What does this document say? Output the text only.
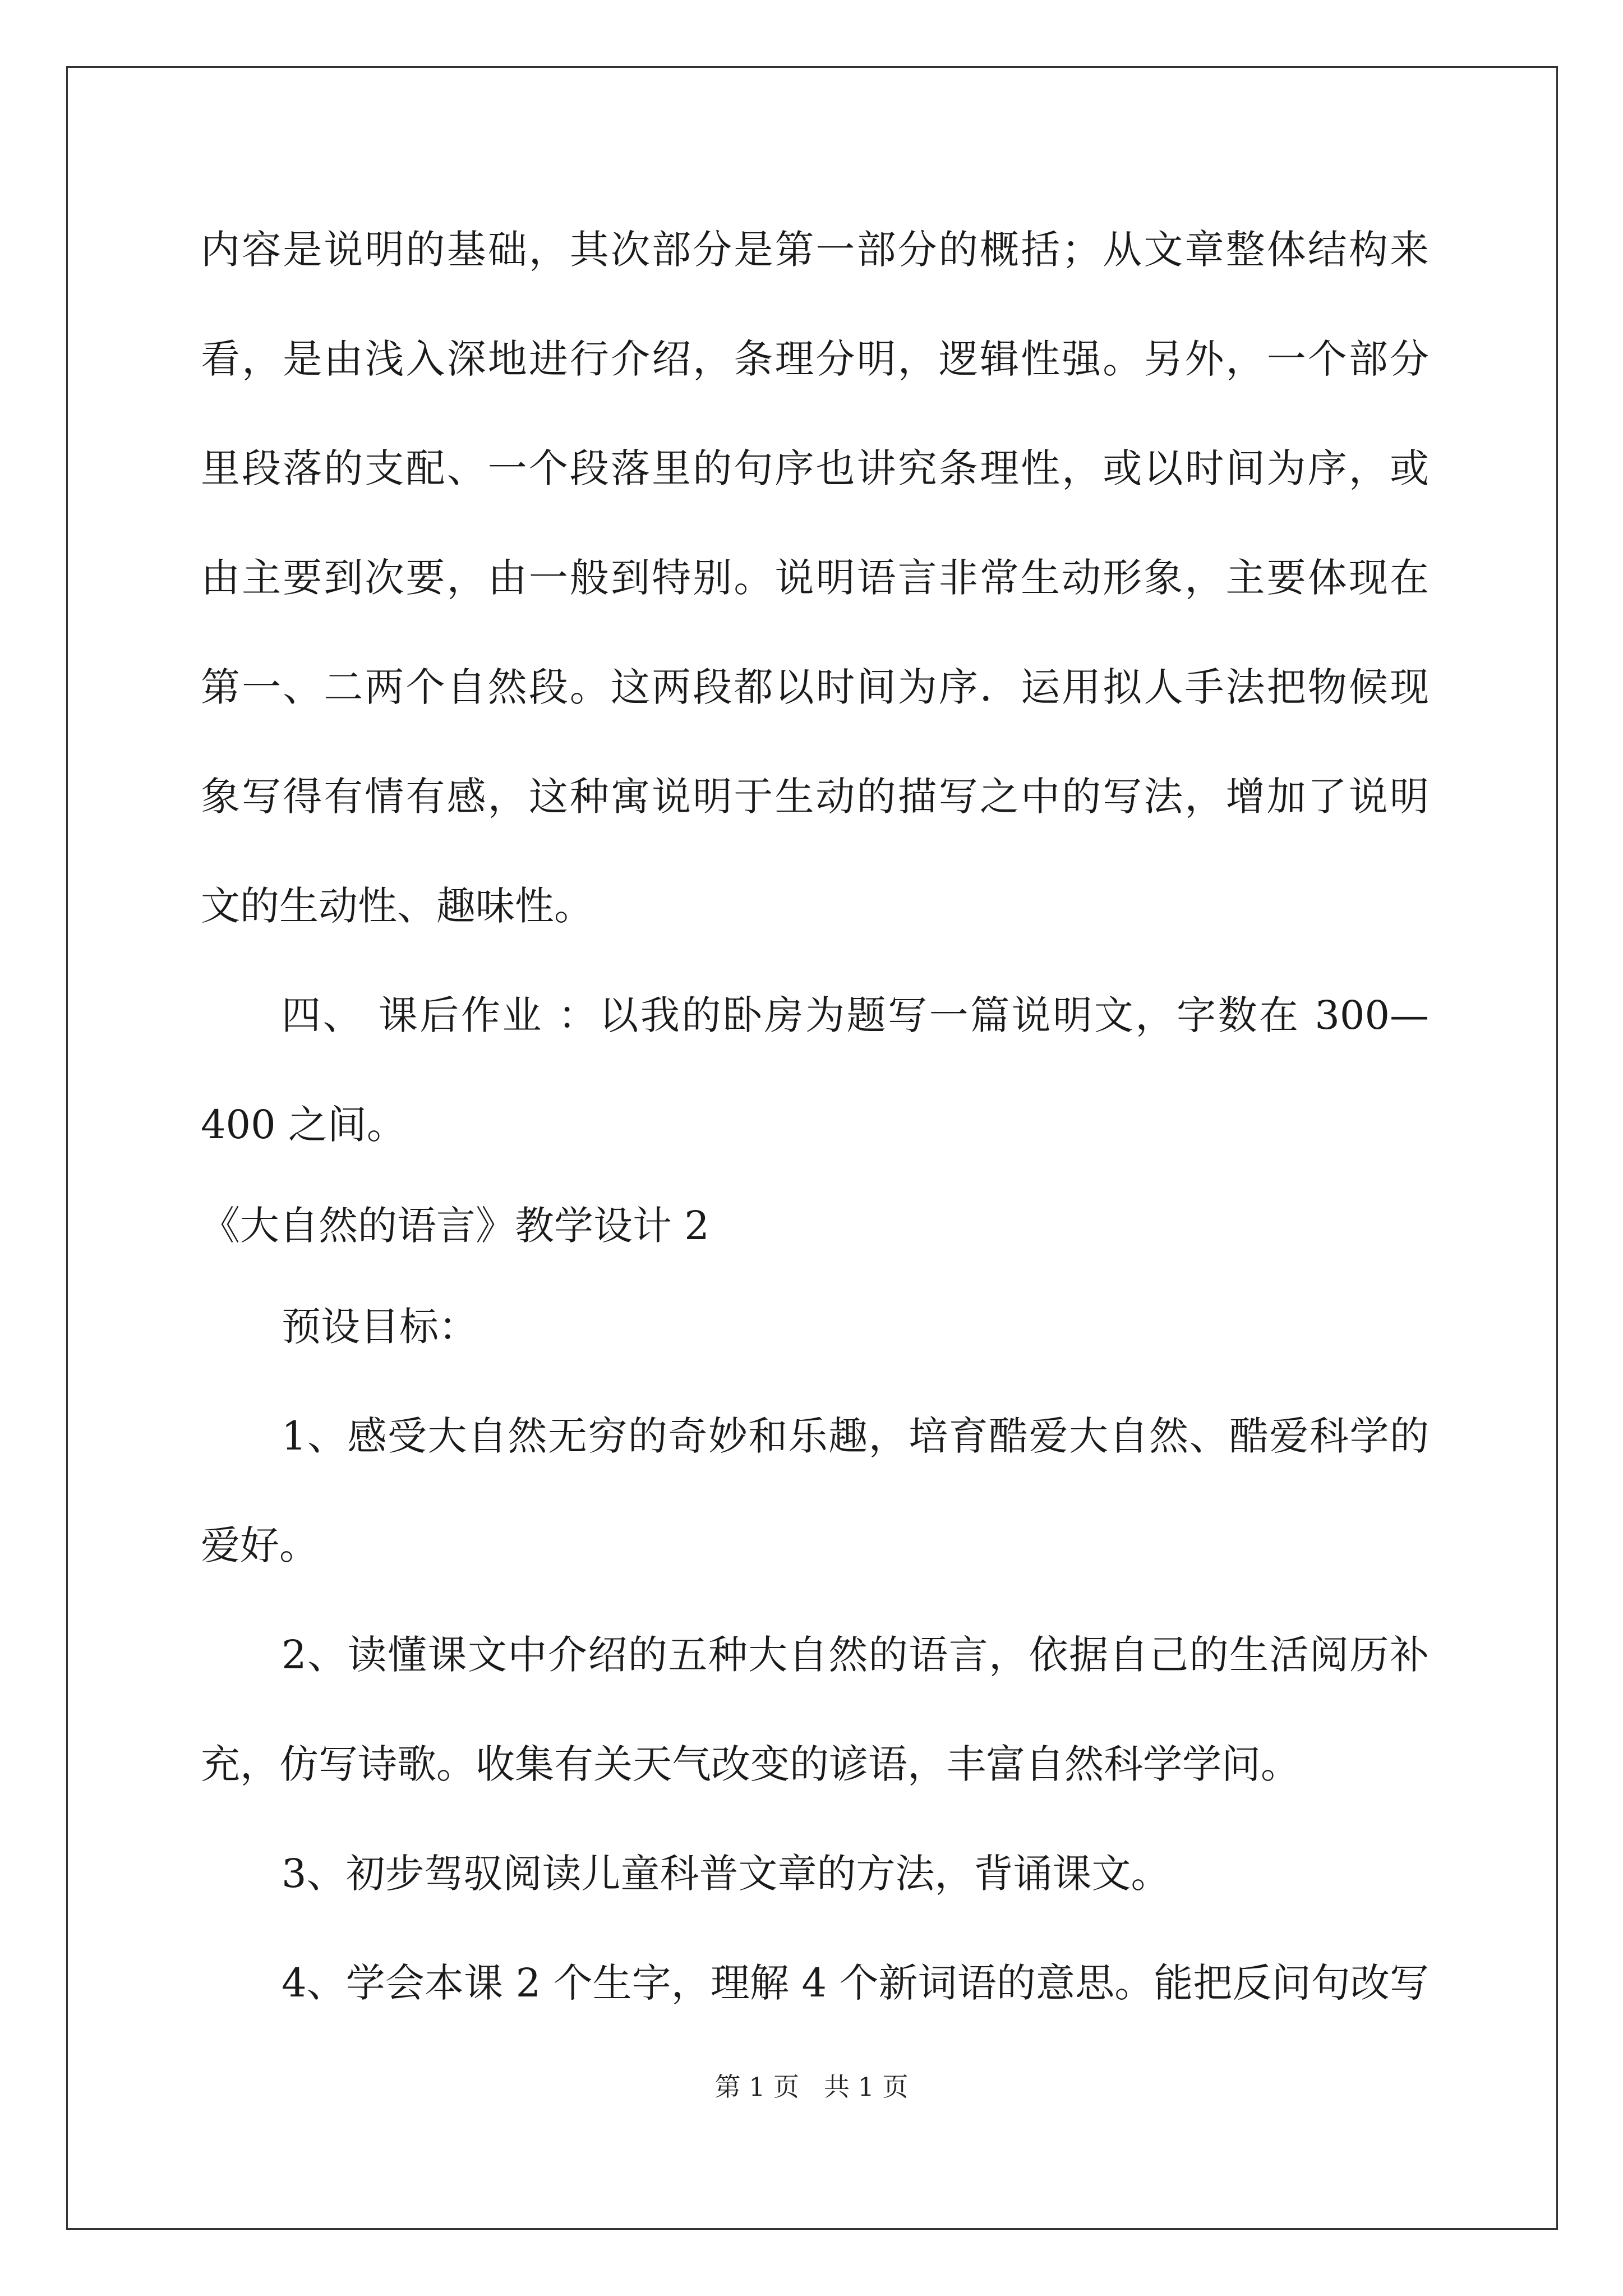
内容是说明的基础，其次部分是第一部分的概括；从文章整体结构来
看，是由浅入深地进行介绍，条理分明，逻辑性强。另外，一个部分
里段落的支配、一个段落里的句序也讲究条理性，或以时间为序，或
由主要到次要，由一般到特别。说明语言非常生动形象，主要体现在
第一、二两个自然段。这两段都以时间为序．运用拟人手法把物候现
象写得有情有感，这种寓说明于生动的描写之中的写法，增加了说明
文的生动性、趣味性。
四、 课后作业 ：以我的卧房为题写一篇说明文，字数在 300—
400 之间。
《大自然的语言》教学设计 2
预设目标：
1、感受大自然无穷的奇妙和乐趣，培育酷爱大自然、酷爱科学的
爱好。
2、读懂课文中介绍的五种大自然的语言，依据自己的生活阅历补
充，仿写诗歌。收集有关天气改变的谚语，丰富自然科学学问。
3、初步驾驭阅读儿童科普文章的方法，背诵课文。
4、学会本课 2 个生字，理解 4 个新词语的意思。能把反问句改写
第 1 页 共 1 页
